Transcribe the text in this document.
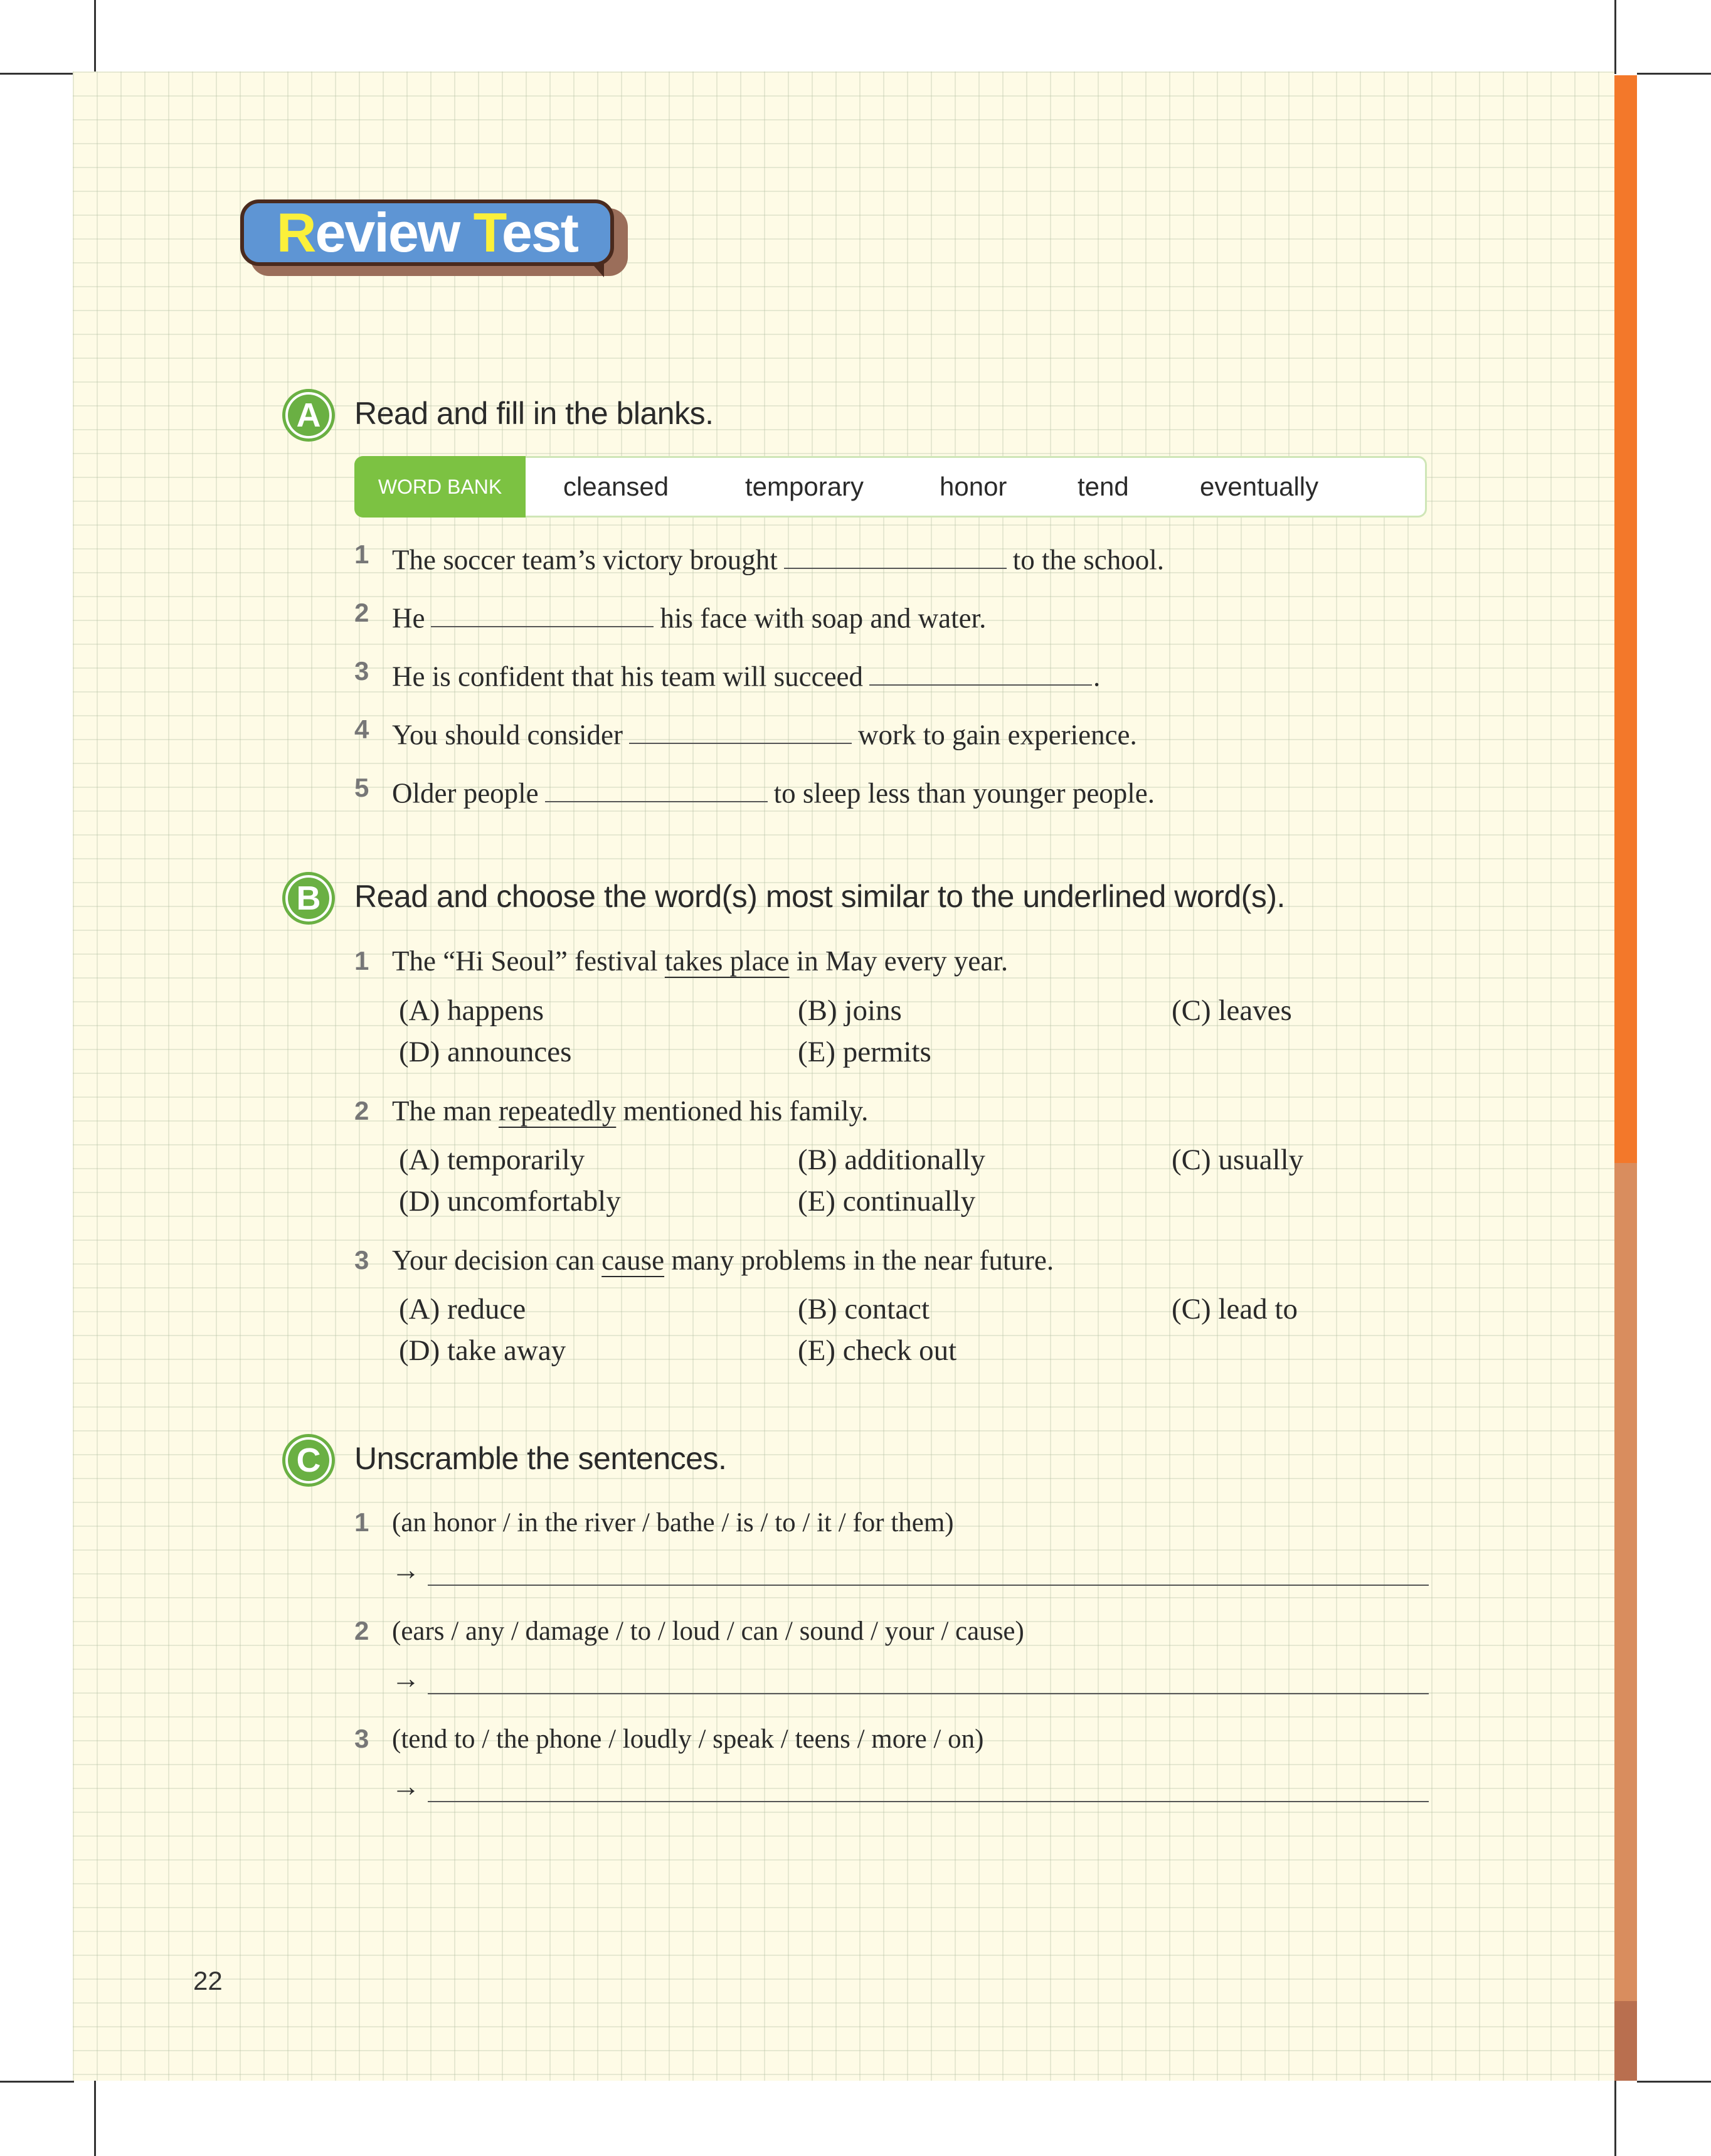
Review Test
A Read and fill in the blanks.
WORD BANK	cleansed	temporary	honor	tend	eventually
1 The soccer team’s victory brought	to the school.
2 He	his face with soap and water.
3 He is confident that his team will succeed	.
4 You should consider	work to gain experience.
5 Older people	to sleep less than younger people.
B Read and choose the word(s) most similar to the underlined word(s).
1 The “Hi Seoul” festival takes place in May every year.
(A) happens	(B) joins	(C) leaves
(D) announces	(E) permits
2 The man repeatedly mentioned his family.
(A) temporarily	(B) additionally	(C) usually
(D) uncomfortably	(E) continually
3 Your decision can cause many problems in the near future.
(A) reduce	(B) contact	(C) lead to
(D) take away	(E) check out
C Unscramble the sentences.
1 (an honor / in the river / bathe / is / to / it / for them)
→
2 (ears / any / damage / to / loud / can / sound / your / cause)
→
3 (tend to / the phone / loudly / speak / teens / more / on)
→
22
